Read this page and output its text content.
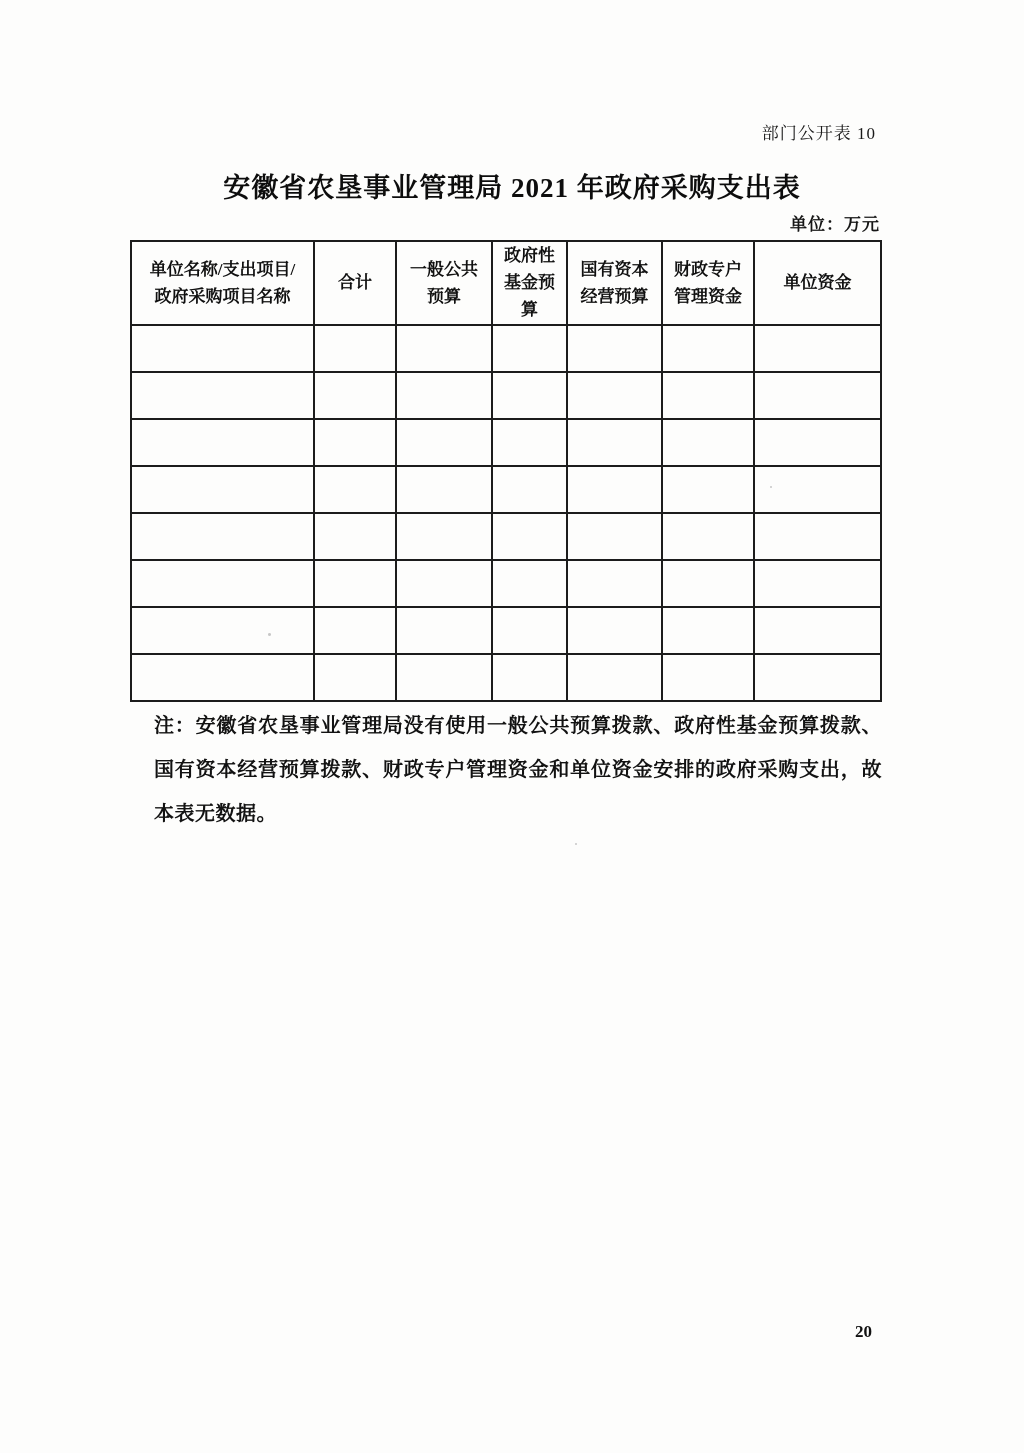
部门公开表 10
安徽省农垦事业管理局 2021 年政府采购支出表
单位：万元
单位名称/支出项目/政府采购项目名称	合计	一般公共预算	政府性基金预算	国有资本经营预算	财政专户管理资金	单位资金

注：安徽省农垦事业管理局没有使用一般公共预算拨款、政府性基金预算拨款、国有资本经营预算拨款、财政专户管理资金和单位资金安排的政府采购支出，故本表无数据。

20
